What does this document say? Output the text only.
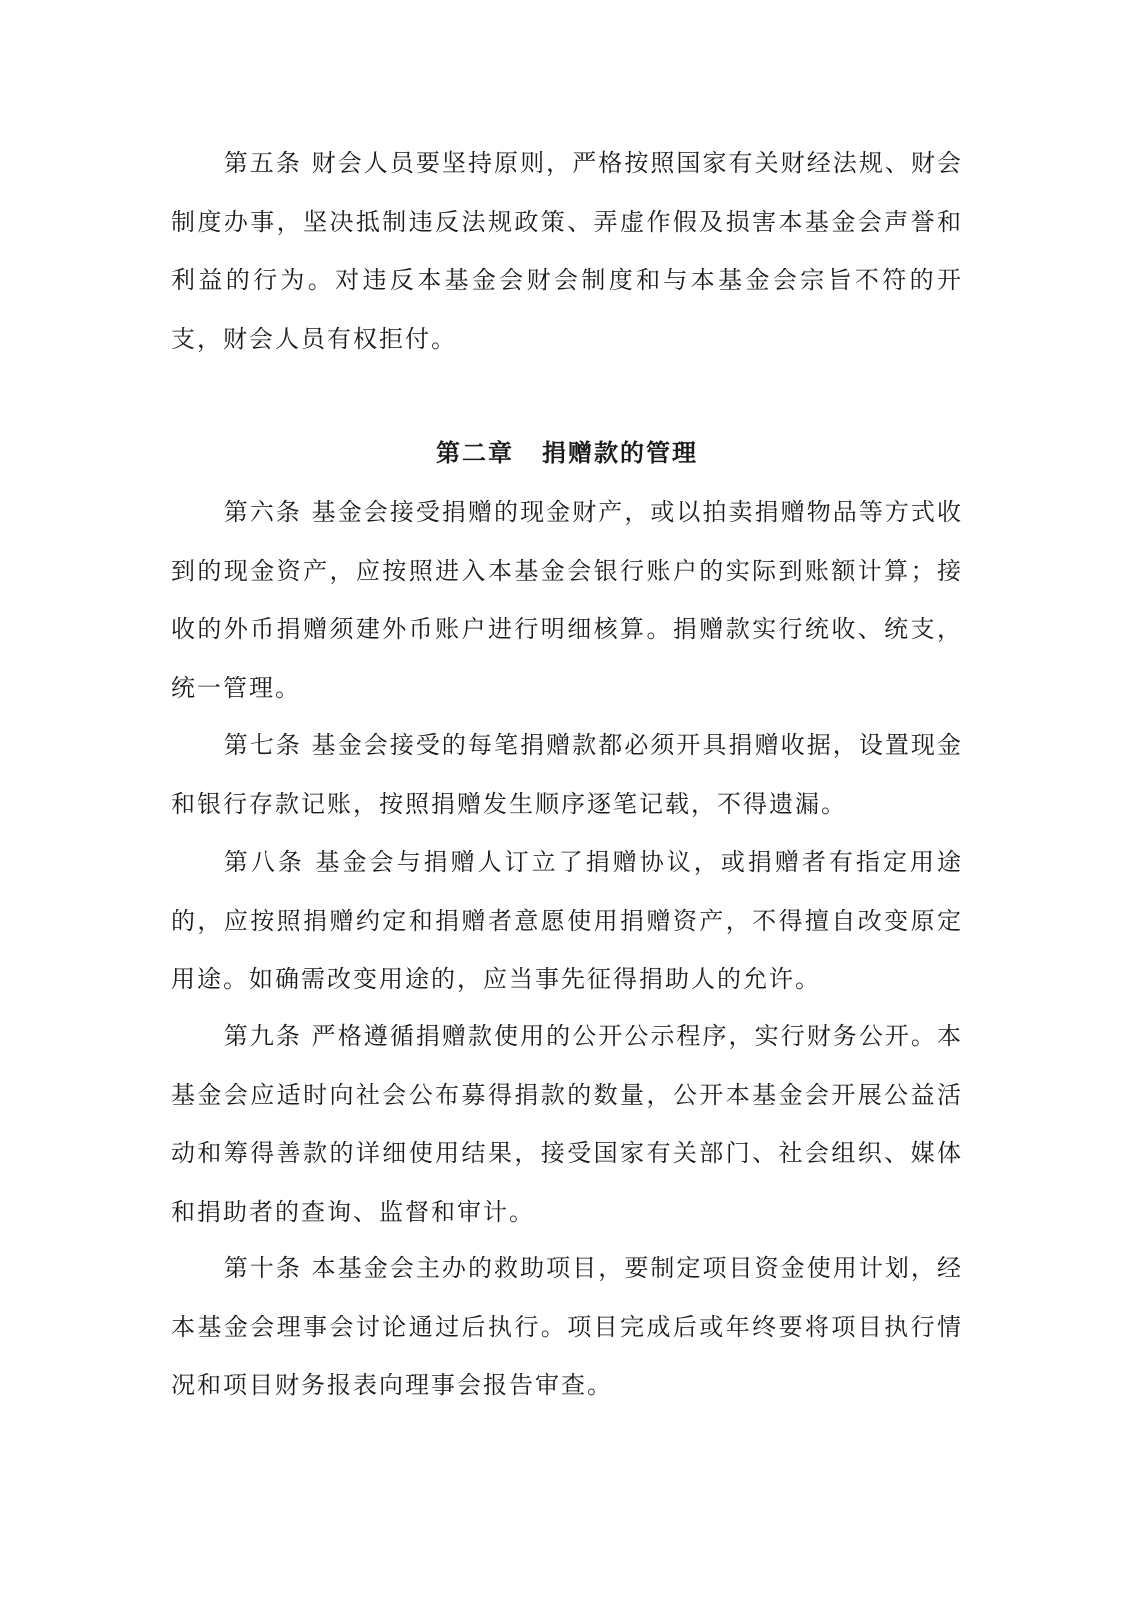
第五条 财会人员要坚持原则，严格按照国家有关财经法规、财会制度办事，坚决抵制违反法规政策、弄虚作假及损害本基金会声誉和利益的行为。对违反本基金会财会制度和与本基金会宗旨不符的开支，财会人员有权拒付。

第二章 捐赠款的管理

第六条 基金会接受捐赠的现金财产，或以拍卖捐赠物品等方式收到的现金资产，应按照进入本基金会银行账户的实际到账额计算；接收的外币捐赠须建外币账户进行明细核算。捐赠款实行统收、统支，统一管理。

第七条 基金会接受的每笔捐赠款都必须开具捐赠收据，设置现金和银行存款记账，按照捐赠发生顺序逐笔记载，不得遗漏。

第八条 基金会与捐赠人订立了捐赠协议，或捐赠者有指定用途的，应按照捐赠约定和捐赠者意愿使用捐赠资产，不得擅自改变原定用途。如确需改变用途的，应当事先征得捐助人的允许。

第九条 严格遵循捐赠款使用的公开公示程序，实行财务公开。本基金会应适时向社会公布募得捐款的数量，公开本基金会开展公益活动和筹得善款的详细使用结果，接受国家有关部门、社会组织、媒体和捐助者的查询、监督和审计。

第十条 本基金会主办的救助项目，要制定项目资金使用计划，经本基金会理事会讨论通过后执行。项目完成后或年终要将项目执行情况和项目财务报表向理事会报告审查。
